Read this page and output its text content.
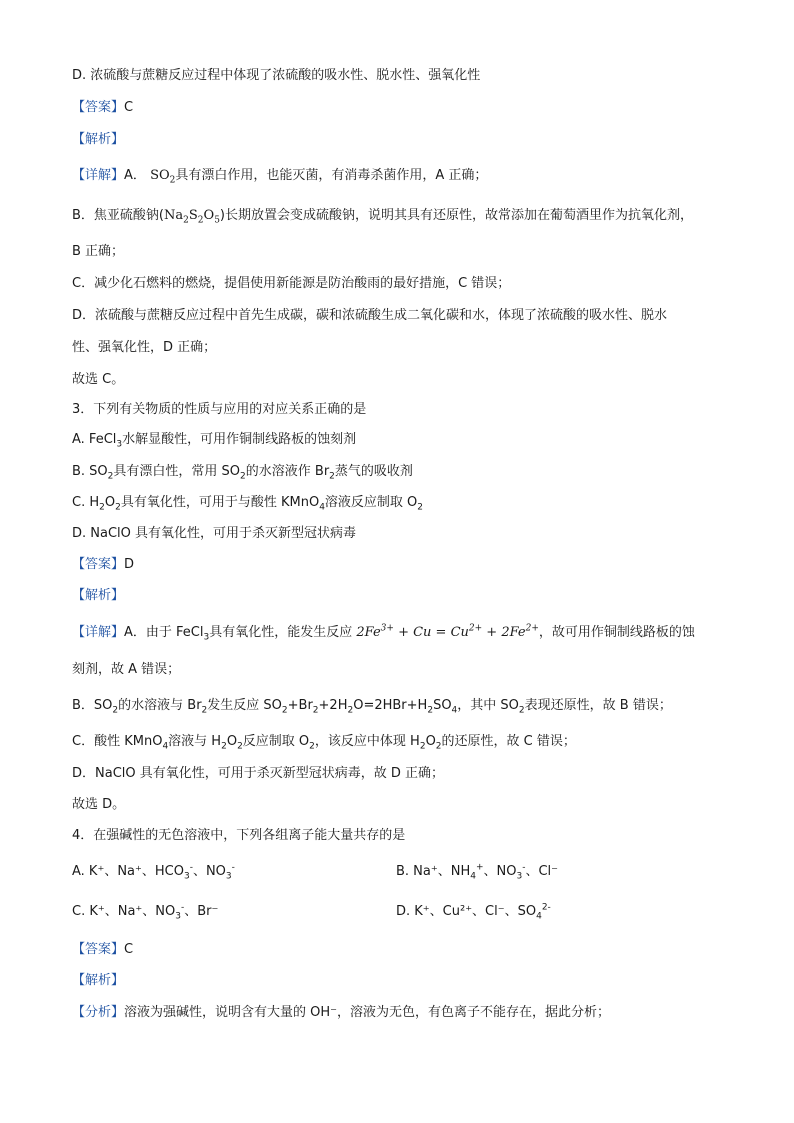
D. 浓硫酸与蔗糖反应过程中体现了浓硫酸的吸水性、脱水性、强氧化性
【答案】C
【解析】
【详解】A． $SO_2$具有漂白作用，也能灭菌，有消毒杀菌作用，A 正确；
B．焦亚硫酸钠$(Na_2S_2O_5)$长期放置会变成硫酸钠，说明其具有还原性，故常添加在葡萄酒里作为抗氧化剂，
B 正确；
C．减少化石燃料的燃烧，提倡使用新能源是防治酸雨的最好措施，C 错误；
D．浓硫酸与蔗糖反应过程中首先生成碳，碳和浓硫酸生成二氧化碳和水，体现了浓硫酸的吸水性、脱水
性、强氧化性，D 正确；
故选 C。
3．下列有关物质的性质与应用的对应关系正确的是
A. FeCl$_3$水解显酸性，可用作铜制线路板的蚀刻剂
B. $SO_2$具有漂白性，常用 $SO_2$的水溶液作 $Br_2$蒸气的吸收剂
C. $H_2O_2$具有氧化性，可用于与酸性 KMnO$_4$溶液反应制取 $O_2$
D. NaClO 具有氧化性，可用于杀灭新型冠状病毒
【答案】D
【解析】
【详解】A．由于 FeCl$_3$具有氧化性，能发生反应 $2Fe^{3+} + Cu = Cu^{2+} + 2Fe^{2+}$，故可用作铜制线路板的蚀
刻剂，故 A 错误；
B．$SO_2$的水溶液与 $Br_2$发生反应 $SO_2+Br_2+2H_2O=2HBr+H_2SO_4$，其中 $SO_2$表现还原性，故 B 错误；
C．酸性 KMnO$_4$溶液与 $H_2O_2$反应制取 $O_2$，该反应中体现 $H_2O_2$的还原性，故 C 错误；
D．NaClO 具有氧化性，可用于杀灭新型冠状病毒，故 D 正确；
故选 D。
4．在强碱性的无色溶液中，下列各组离子能大量共存的是
A. K⁺、Na⁺、$HCO_3^-$、$NO_3^-$	B. Na⁺、$NH_4^+$、$NO_3^-$、Cl⁻
C. K⁺、Na⁺、$NO_3^-$、Br⁻	D. K⁺、Cu²⁺、Cl⁻、$SO_4^{2-}$
【答案】C
【解析】
【分析】溶液为强碱性，说明含有大量的 OH⁻，溶液为无色，有色离子不能存在，据此分析；
